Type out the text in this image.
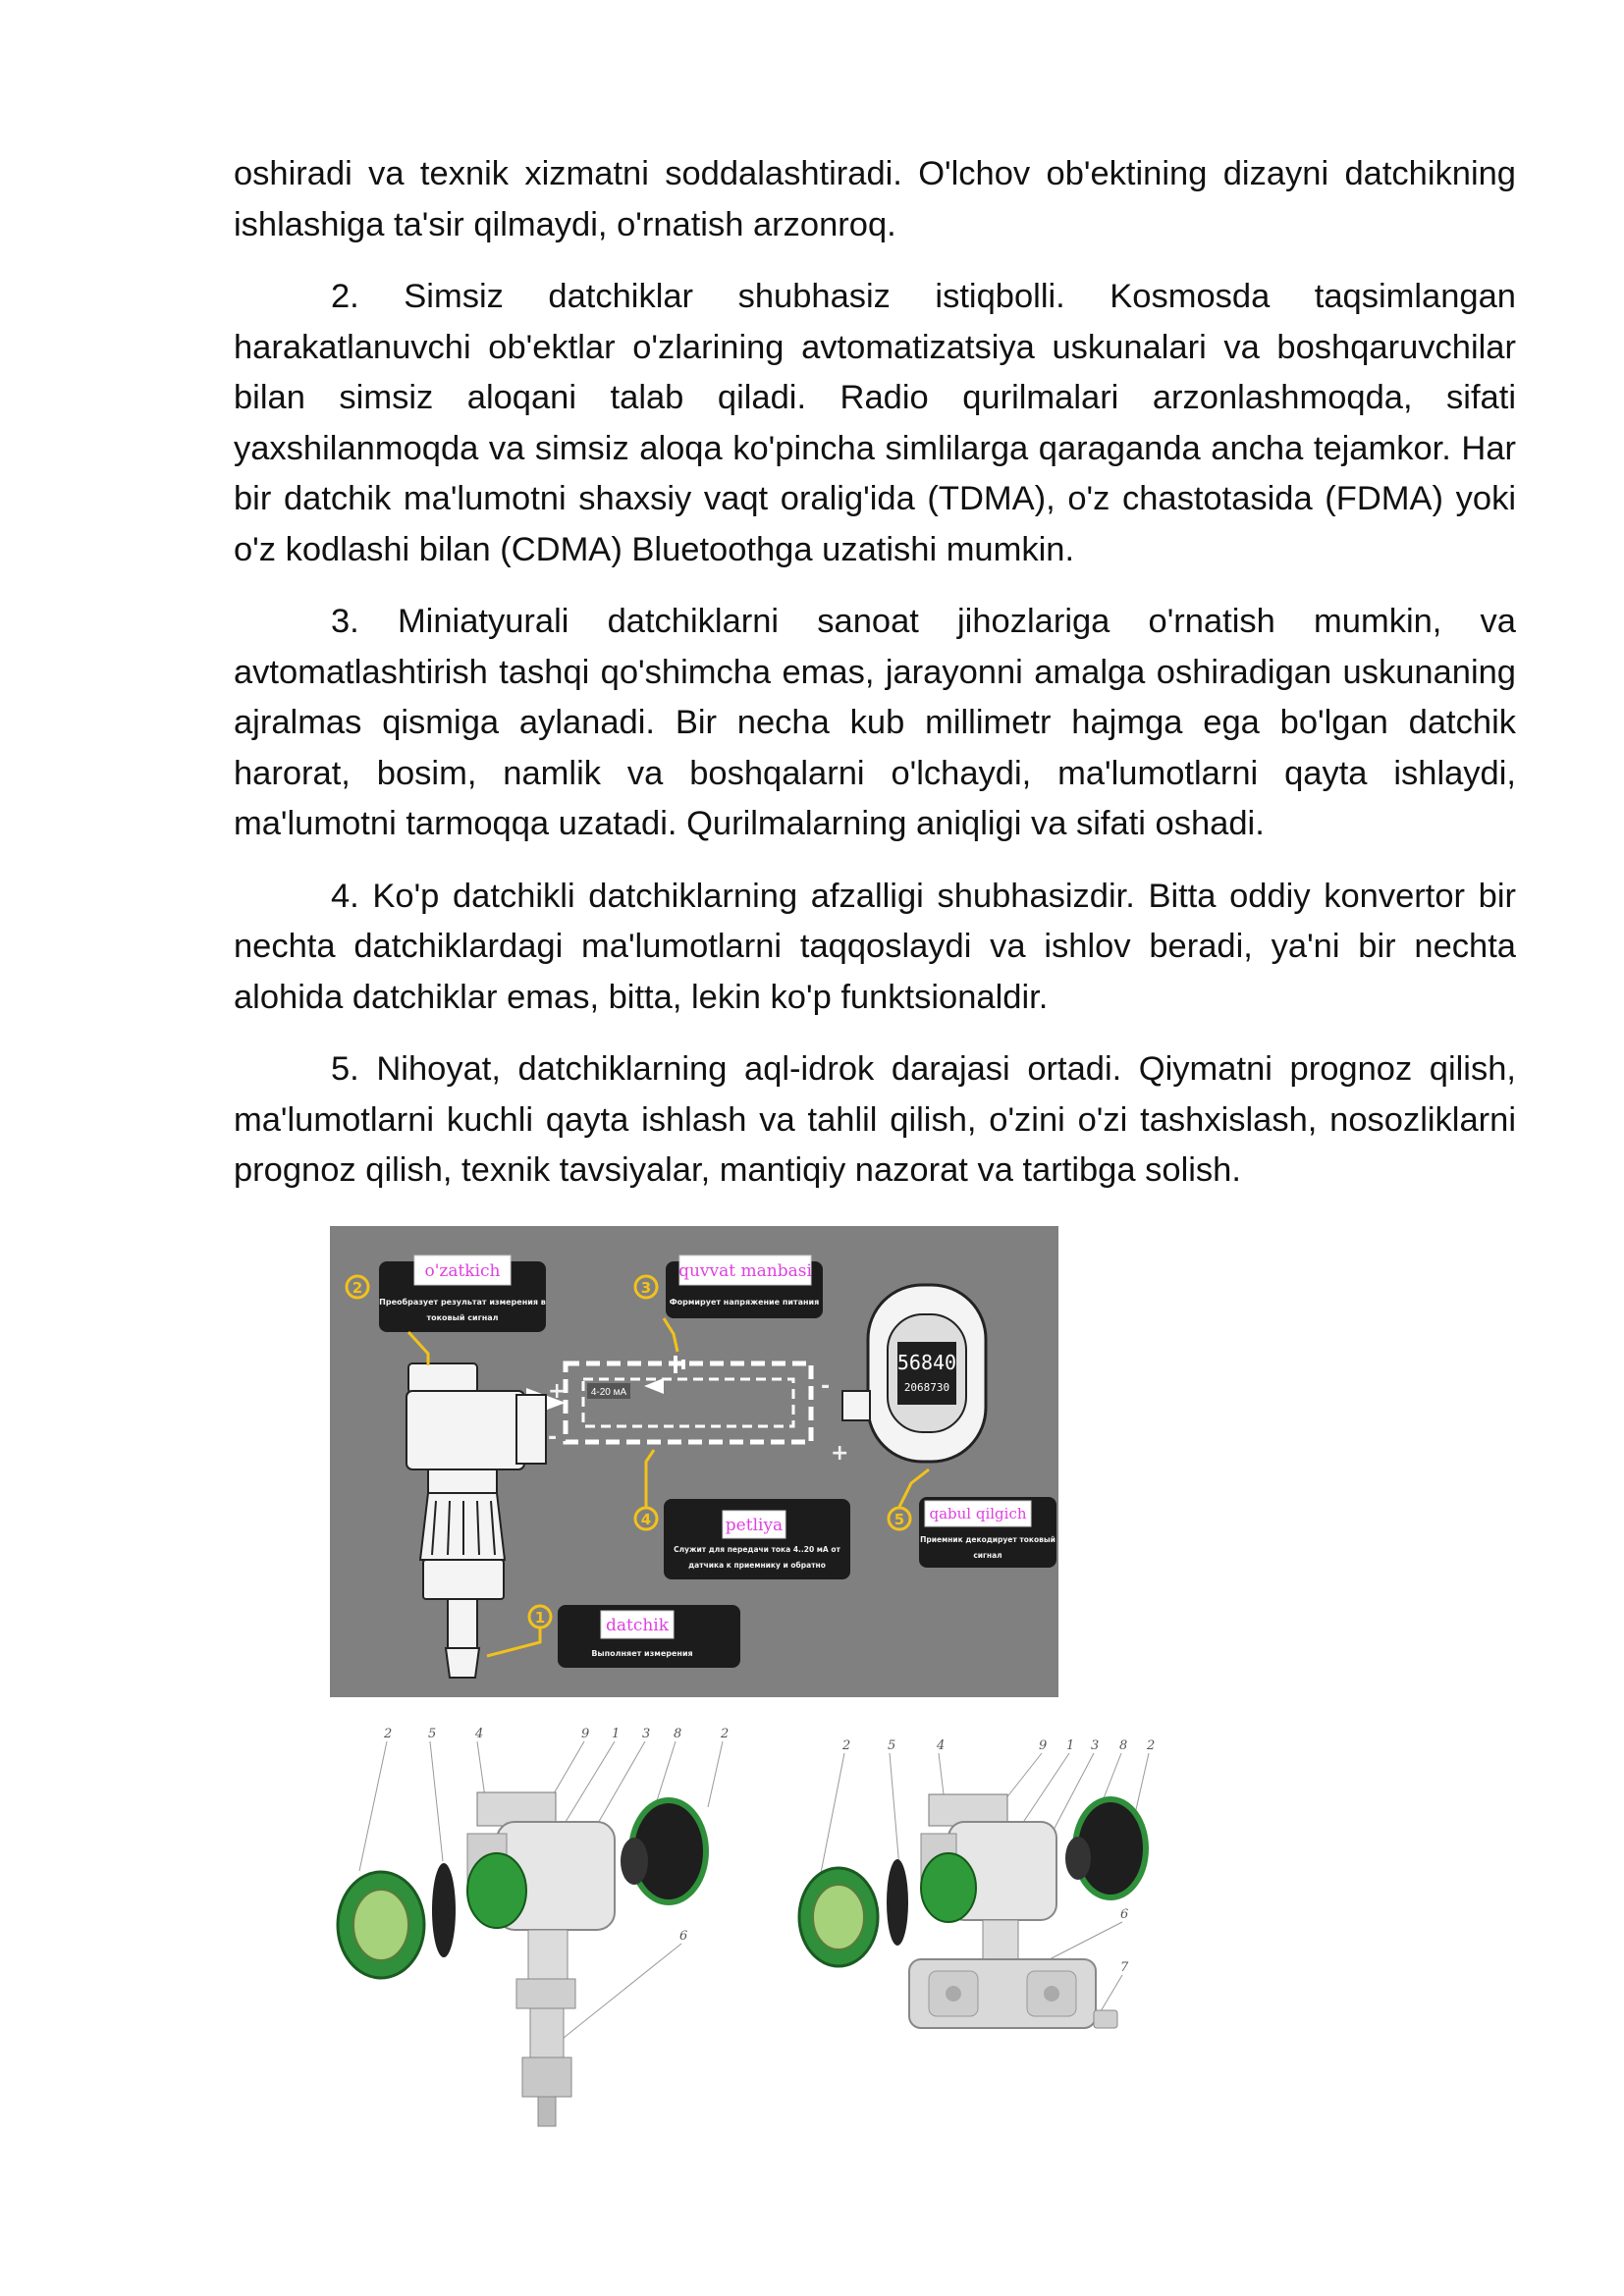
oshiradi va texnik xizmatni soddalashtiradi. O'lchov ob'ektining dizayni datchikning ishlashiga ta'sir qilmaydi, o'rnatish arzonroq.

2. Simsiz datchiklar shubhasiz istiqbolli. Kosmosda taqsimlangan harakatlanuvchi ob'ektlar o'zlarining avtomatizatsiya uskunalari va boshqaruvchilar bilan simsiz aloqani talab qiladi. Radio qurilmalari arzonlashmoqda, sifati yaxshilanmoqda va simsiz aloqa ko'pincha simlilarga qaraganda ancha tejamkor. Har bir datchik ma'lumotni shaxsiy vaqt oralig'ida (TDMA), o'z chastotasida (FDMA) yoki o'z kodlashi bilan (CDMA) Bluetoothga uzatishi mumkin.

3. Miniatyurali datchiklarni sanoat jihozlariga o'rnatish mumkin, va avtomatlashtirish tashqi qo'shimcha emas, jarayonni amalga oshiradigan uskunaning ajralmas qismiga aylanadi. Bir necha kub millimetr hajmga ega bo'lgan datchik harorat, bosim, namlik va boshqalarni o'lchaydi, ma'lumotlarni qayta ishlaydi, ma'lumotni tarmoqqa uzatadi. Qurilmalarning aniqligi va sifati oshadi.

4. Ko'p datchikli datchiklarning afzalligi shubhasizdir. Bitta oddiy konvertor bir nechta datchiklardagi ma'lumotlarni taqqoslaydi va ishlov beradi, ya'ni bir nechta alohida datchiklar emas, bitta, lekin ko'p funktsionaldir.

5. Nihoyat, datchiklarning aql-idrok darajasi ortadi. Qiymatni prognoz qilish, ma'lumotlarni kuchli qayta ishlash va tahlil qilish, o'zini o'zi tashxislash, nosozliklarni prognoz qilish, texnik tavsiyalar, mantiqiy nazorat va tartibga solish.

4-20 мА
+
-
-
+
56840
2068730
2
o'zatkich
Преобразует результат измерения в
токовый сигнал
3
quvvat manbasi
Формирует напряжение питания
4	petliya
Служит для передачи тока 4..20 мА от
датчика к приемнику и обратно
5 qabul qilgich
Приемник декодирует токовый
сигнал
1	datchik
Выполняет измерения
2	5	4	9 1 3 8	2
6
2	5	4	9 1 3 8 2
6
7
